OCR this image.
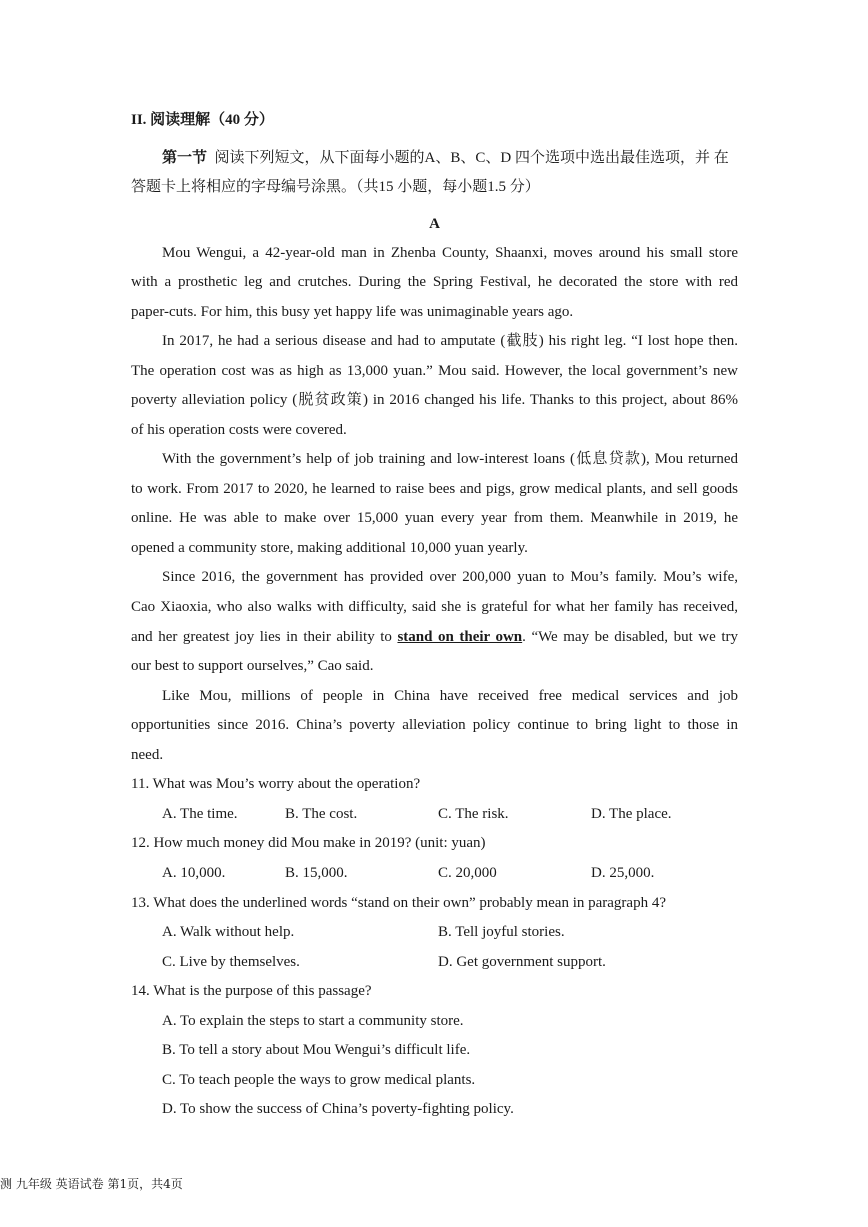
II. 阅读理解（40 分）
第一节 阅读下列短文，从下面每小题的A、B、C、D 四个选项中选出最佳选项，并 在
答题卡上将相应的字母编号涂黑。（共15 小题，每小题1.5 分）
A
Mou Wengui, a 42-year-old man in Zhenba County, Shaanxi, moves around his small store
with a prosthetic leg and crutches. During the Spring Festival, he decorated the store with red
paper-cuts. For him, this busy yet happy life was unimaginable years ago.
In 2017, he had a serious disease and had to amputate (截肢) his right leg. “I lost hope then.
The operation cost was as high as 13,000 yuan.” Mou said. However, the local government’s new
poverty alleviation policy (脱贫政策) in 2016 changed his life. Thanks to this project, about 86%
of his operation costs were covered.
With the government’s help of job training and low-interest loans (低息贷款), Mou returned
to work. From 2017 to 2020, he learned to raise bees and pigs, grow medical plants, and sell goods
online. He was able to make over 15,000 yuan every year from them. Meanwhile in 2019, he
opened a community store, making additional 10,000 yuan yearly.
Since 2016, the government has provided over 200,000 yuan to Mou’s family. Mou’s wife,
Cao Xiaoxia, who also walks with difficulty, said she is grateful for what her family has received,
and her greatest joy lies in their ability to stand on their own. “We may be disabled, but we try
our best to support ourselves,” Cao said.
Like Mou, millions of people in China have received free medical services and job
opportunities since 2016. China’s poverty alleviation policy continue to bring light to those in
need.
11. What was Mou’s worry about the operation?
A. The time.	B. The cost.	C. The risk.	D. The place.
12. How much money did Mou make in 2019? (unit: yuan)
A. 10,000.	B. 15,000.	C. 20,000	D. 25,000.
13. What does the underlined words “stand on their own” probably mean in paragraph 4?
A. Walk without help.	B. Tell joyful stories.
C. Live by themselves.	D. Get government support.
14. What is the purpose of this passage?
A. To explain the steps to start a community store.
B. To tell a story about Mou Wengui’s difficult life.
C. To teach people the ways to grow medical plants.
D. To show the success of China’s poverty-fighting policy.
测 九年级 英语试卷 第1页，共4页
